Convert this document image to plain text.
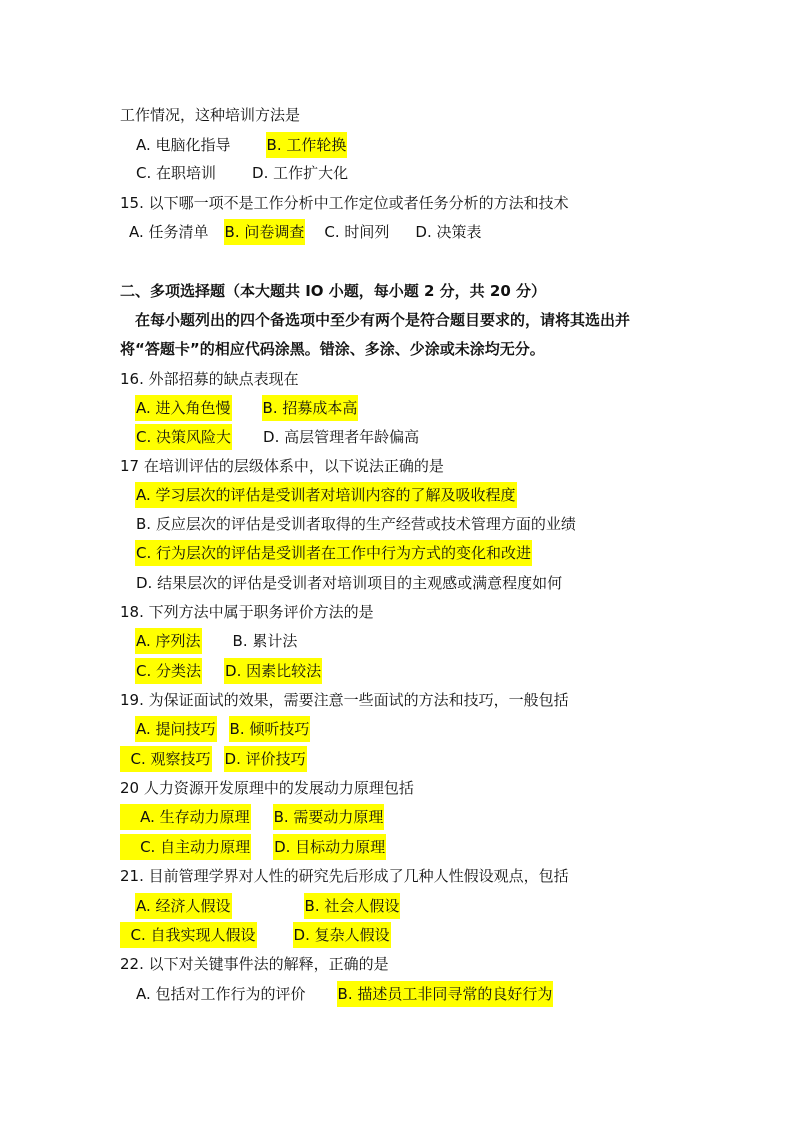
工作情况，这种培训方法是
A. 电脑化指导 B. 工作轮换
C. 在职培训 D. 工作扩大化
15. 以下哪一项不是工作分析中工作定位或者任务分析的方法和技术
A. 任务清单 B. 问卷调查 C. 时间列 D. 决策表
二、多项选择题（本大题共 IO 小题，每小题 2 分，共 20 分）
在每小题列出的四个备选项中至少有两个是符合题目要求的，请将其选出并
将“答题卡”的相应代码涂黑。错涂、多涂、少涂或未涂均无分。
16. 外部招募的缺点表现在
A. 进入角色慢 B. 招募成本高
C. 决策风险大 D. 高层管理者年龄偏高
17 在培训评估的层级体系中，以下说法正确的是
A. 学习层次的评估是受训者对培训内容的了解及吸收程度
B. 反应层次的评估是受训者取得的生产经营或技术管理方面的业绩
C. 行为层次的评估是受训者在工作中行为方式的变化和改进
D. 结果层次的评估是受训者对培训项目的主观感或满意程度如何
18. 下列方法中属于职务评价方法的是
A. 序列法 B. 累计法
C. 分类法 D. 因素比较法
19. 为保证面试的效果，需要注意一些面试的方法和技巧，一般包括
A. 提问技巧 B. 倾听技巧
C. 观察技巧 D. 评价技巧
20 人力资源开发原理中的发展动力原理包括
A. 生存动力原理 B. 需要动力原理
C. 自主动力原理 D. 目标动力原理
21. 目前管理学界对人性的研究先后形成了几种人性假设观点，包括
A. 经济人假设	B. 社会人假设
C. 自我实现人假设	D. 复杂人假设
22. 以下对关键事件法的解释，正确的是
A. 包括对工作行为的评价 B. 描述员工非同寻常的良好行为
